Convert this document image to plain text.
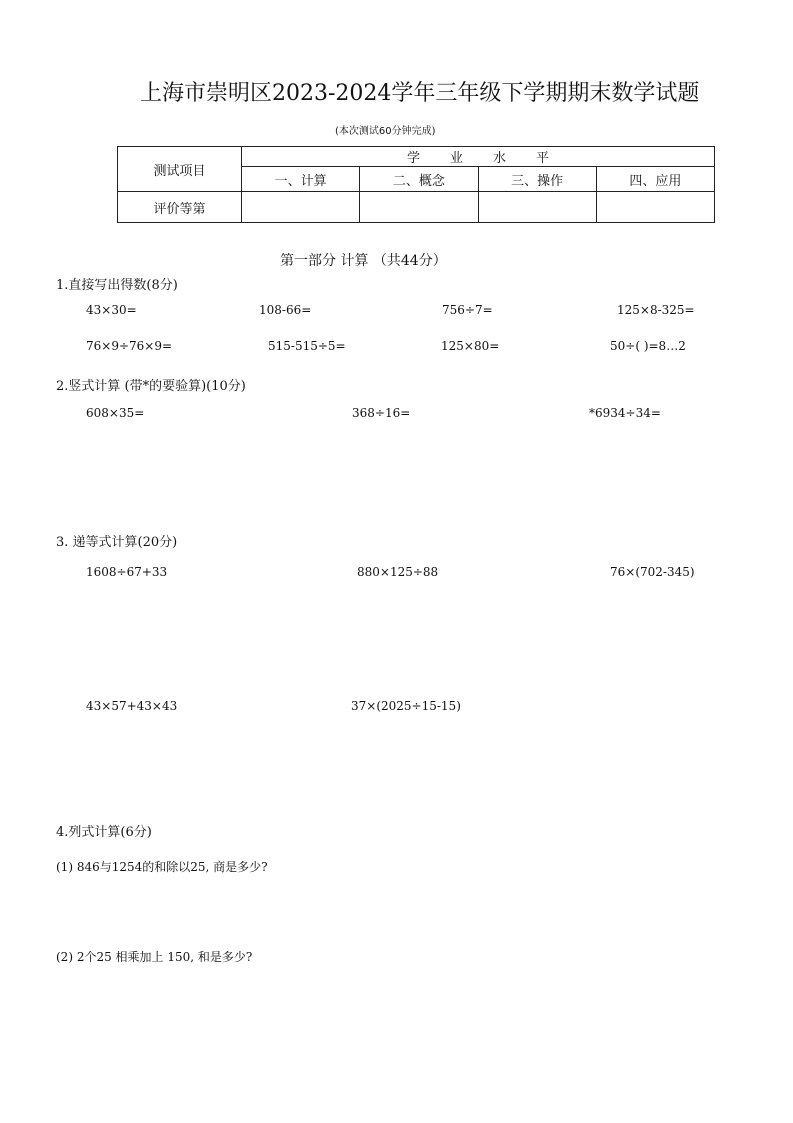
上海市崇明区2023-2024学年三年级下学期期末数学试题
(本次测试60分钟完成)
测试项目	学业水平			
	一、计算	二、概念	三、操作	四、应用
评价等第				
第一部分 计算 （共44分）
1.直接写出得数(8分)
43×30=	108-66=	756÷7=	125×8-325=
76×9÷76×9=	515-515÷5=	125×80=	50÷( )=8…2
2.竖式计算 (带*的要验算)(10分)
608×35=	368÷16=	*6934÷34=
3. 递等式计算(20分)
1608÷67+33	880×125÷88	76×(702-345)
43×57+43×43	37×(2025÷15-15)
4.列式计算(6分)
(1) 846与1254的和除以25, 商是多少?
(2) 2个25 相乘加上 150, 和是多少?
